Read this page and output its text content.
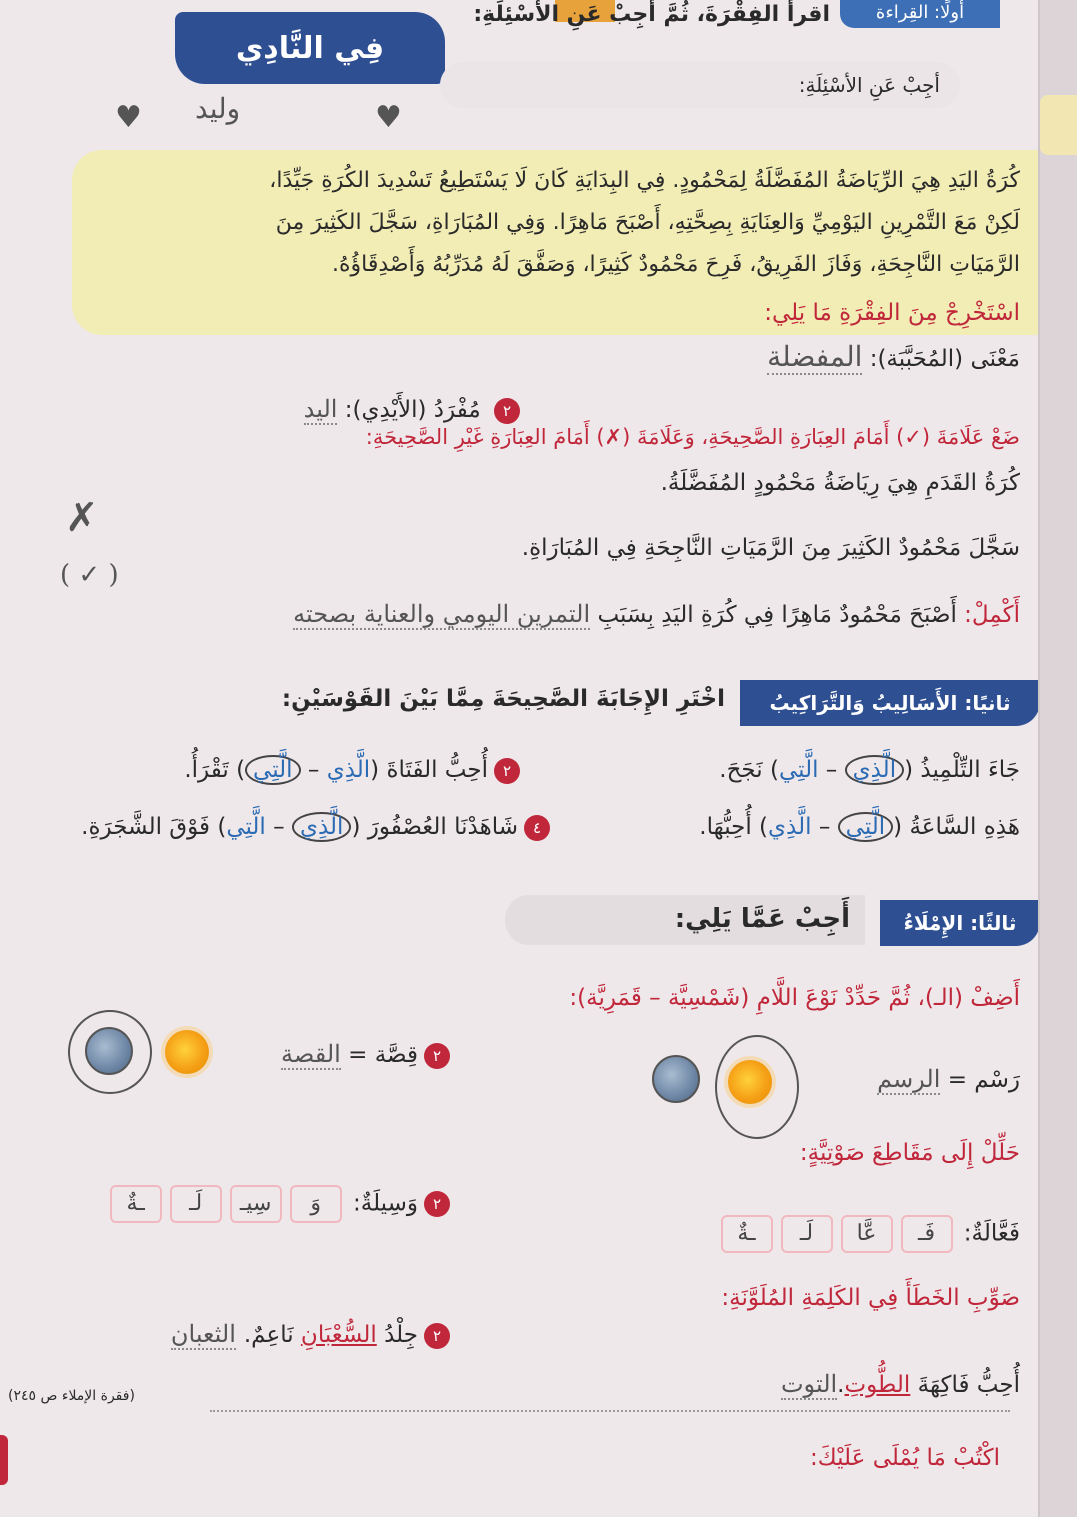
أولًا: القِراءة
اقرأ الفِقْرَةَ، ثُمَّ أجِبْ عَنِ الأسْئِلَةِ:
فِي النَّادِي
أجِبْ عَنِ الأسْئِلَةِ:
♥ وليد	♥
كُرَةُ اليَدِ هِيَ الرِّيَاضَةُ المُفَضَّلَةُ لِمَحْمُودٍ. فِي البِدَايَةِ كَانَ لَا يَسْتَطِيعُ تَسْدِيدَ الكُرَةِ جَيِّدًا،
لَكِنْ مَعَ التَّمْرِينِ اليَوْمِيِّ وَالعِنَايَةِ بِصِحَّتِهِ، أَصْبَحَ مَاهِرًا. وَفِي المُبَارَاةِ، سَجَّلَ الكَثِيرَ مِنَ
الرَّمَيَاتِ النَّاجِحَةِ، وَفَازَ الفَرِيقُ، فَرِحَ مَحْمُودٌ كَثِيرًا، وَصَفَّقَ لَهُ مُدَرِّبُهُ وَأَصْدِقَاؤُهُ.
اسْتَخْرِجْ مِنَ الفِقْرَةِ مَا يَلِي:
مَعْنَى (المُحَبَّبَة): المفضلة
٢ مُفْرَدُ (الأَيْدِي): اليد
ضَعْ عَلَامَةَ (✓) أَمَامَ العِبَارَةِ الصَّحِيحَةِ، وَعَلَامَةَ (✗) أَمَامَ العِبَارَةِ غَيْرِ الصَّحِيحَةِ:
كُرَةُ القَدَمِ هِيَ رِيَاضَةُ مَحْمُودٍ المُفَضَّلَةُ.
✗
سَجَّلَ مَحْمُودٌ الكَثِيرَ مِنَ الرَّمَيَاتِ النَّاجِحَةِ فِي المُبَارَاةِ.
( ✓ )
أَكْمِلْ: أَصْبَحَ مَحْمُودٌ مَاهِرًا فِي كُرَةِ اليَدِ بِسَبَبِ التمرين اليومي والعناية بصحته
ثانيًا: الأَسَالِيبُ وَالتَّرَاكِيبُ
اخْتَرِ الإِجَابَةَ الصَّحِيحَةَ مِمَّا بَيْنَ القَوْسَيْنِ:
جَاءَ التِّلْمِيذُ (الَّذِي – الَّتِي) نَجَحَ.
٢أُحِبُّ الفَتَاةَ (الَّذِي – الَّتِي) تَقْرَأُ.
هَذِهِ السَّاعَةُ (الَّتِي – الَّذِي) أُحِبُّهَا.
٤شَاهَدْنَا العُصْفُورَ (الَّذِي – الَّتِي) فَوْقَ الشَّجَرَةِ.
ثالثًا: الإِمْلَاءُ
أَجِبْ عَمَّا يَلِي:
أَضِفْ (الـ)، ثُمَّ حَدِّدْ نَوْعَ اللَّامِ (شَمْسِيَّة – قَمَرِيَّة):
٢قِصَّة = القصة
رَسْم = الرسم
حَلِّلْ إِلَى مَقَاطِعَ صَوْتِيَّةٍ:
٢وَسِيلَةٌ: وَسِيـلَــةٌ
فَعَّالَةٌ: فَـعَّالَــةٌ
صَوِّبِ الخَطَأَ فِي الكَلِمَةِ المُلَوَّنَةِ:
٢جِلْدُ السُّعْبَانِ نَاعِمٌ.الثعبان
أُحِبُّ فَاكِهَةَ الطُّوتِ.التوت
(فقرة الإملاء ص ٢٤٥)
اكْتُبْ مَا يُمْلَى عَلَيْكَ:
